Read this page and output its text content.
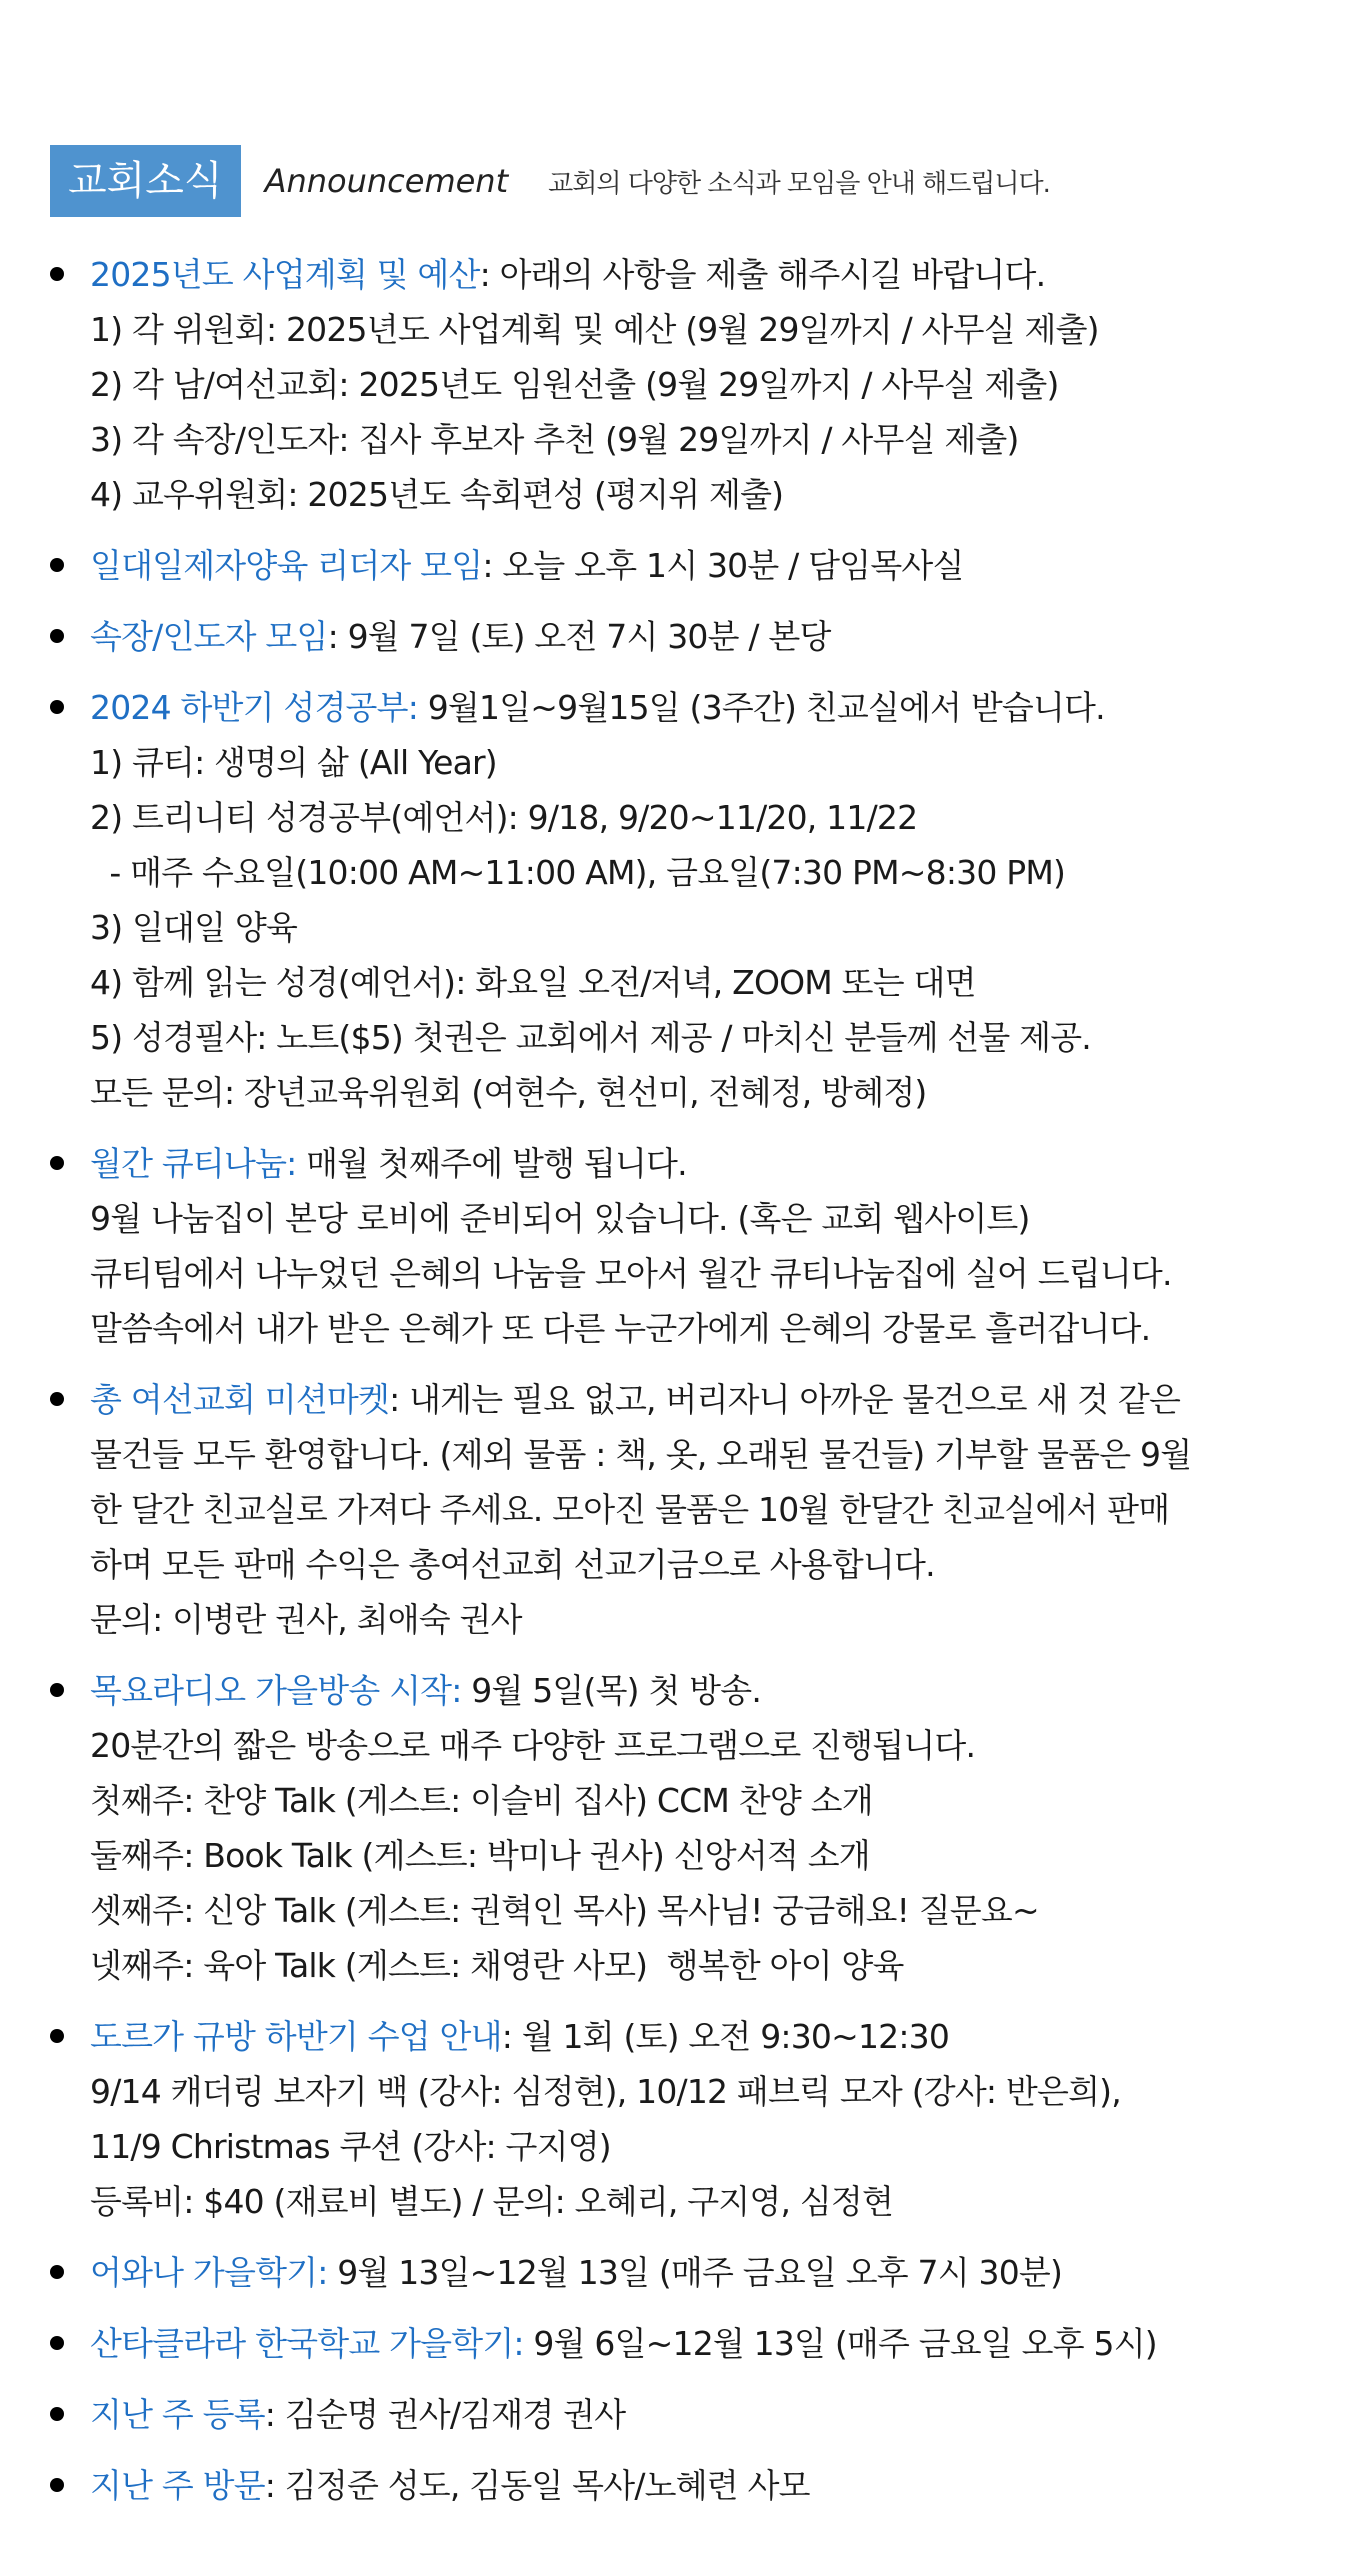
교회소식	Announcement 교회의 다양한 소식과 모임을 안내 해드립니다.
2025년도 사업계획 및 예산: 아래의 사항을 제출 해주시길 바랍니다.
1) 각 위원회: 2025년도 사업계획 및 예산 (9월 29일까지 / 사무실 제출)
2) 각 남/여선교회: 2025년도 임원선출 (9월 29일까지 / 사무실 제출)
3) 각 속장/인도자: 집사 후보자 추천 (9월 29일까지 / 사무실 제출)
4) 교우위원회: 2025년도 속회편성 (평지위 제출)
일대일제자양육 리더자 모임: 오늘 오후 1시 30분 / 담임목사실
속장/인도자 모임: 9월 7일 (토) 오전 7시 30분 / 본당
2024 하반기 성경공부: 9월1일~9월15일 (3주간) 친교실에서 받습니다.
1) 큐티: 생명의 삶 (All Year)
2) 트리니티 성경공부(예언서): 9/18, 9/20~11/20, 11/22
- 매주 수요일(10:00 AM~11:00 AM), 금요일(7:30 PM~8:30 PM)
3) 일대일 양육
4) 함께 읽는 성경(예언서): 화요일 오전/저녁, ZOOM 또는 대면
5) 성경필사: 노트($5) 첫권은 교회에서 제공 / 마치신 분들께 선물 제공.
모든 문의: 장년교육위원회 (여현수, 현선미, 전혜정, 방혜정)
월간 큐티나눔: 매월 첫째주에 발행 됩니다.
9월 나눔집이 본당 로비에 준비되어 있습니다. (혹은 교회 웹사이트)
큐티팀에서 나누었던 은혜의 나눔을 모아서 월간 큐티나눔집에 실어 드립니다.
말씀속에서 내가 받은 은혜가 또 다른 누군가에게 은혜의 강물로 흘러갑니다.
총 여선교회 미션마켓: 내게는 필요 없고, 버리자니 아까운 물건으로 새 것 같은
물건들 모두 환영합니다. (제외 물품 : 책, 옷, 오래된 물건들) 기부할 물품은 9월
한 달간 친교실로 가져다 주세요. 모아진 물품은 10월 한달간 친교실에서 판매
하며 모든 판매 수익은 총여선교회 선교기금으로 사용합니다.
문의: 이병란 권사, 최애숙 권사
목요라디오 가을방송 시작: 9월 5일(목) 첫 방송.
20분간의 짧은 방송으로 매주 다양한 프로그램으로 진행됩니다.
첫째주: 찬양 Talk (게스트: 이슬비 집사) CCM 찬양 소개
둘째주: Book Talk (게스트: 박미나 권사) 신앙서적 소개
셋째주: 신앙 Talk (게스트: 권혁인 목사) 목사님! 궁금해요! 질문요~
넷째주: 육아 Talk (게스트: 채영란 사모)  행복한 아이 양육
도르가 규방 하반기 수업 안내: 월 1회 (토) 오전 9:30~12:30
9/14 캐더링 보자기 백 (강사: 심정현), 10/12 패브릭 모자 (강사: 반은희),
11/9 Christmas 쿠션 (강사: 구지영)
등록비: $40 (재료비 별도) / 문의: 오혜리, 구지영, 심정현
어와나 가을학기: 9월 13일~12월 13일 (매주 금요일 오후 7시 30분)
산타클라라 한국학교 가을학기: 9월 6일~12월 13일 (매주 금요일 오후 5시)
지난 주 등록: 김순명 권사/김재경 권사
지난 주 방문: 김정준 성도, 김동일 목사/노혜련 사모
